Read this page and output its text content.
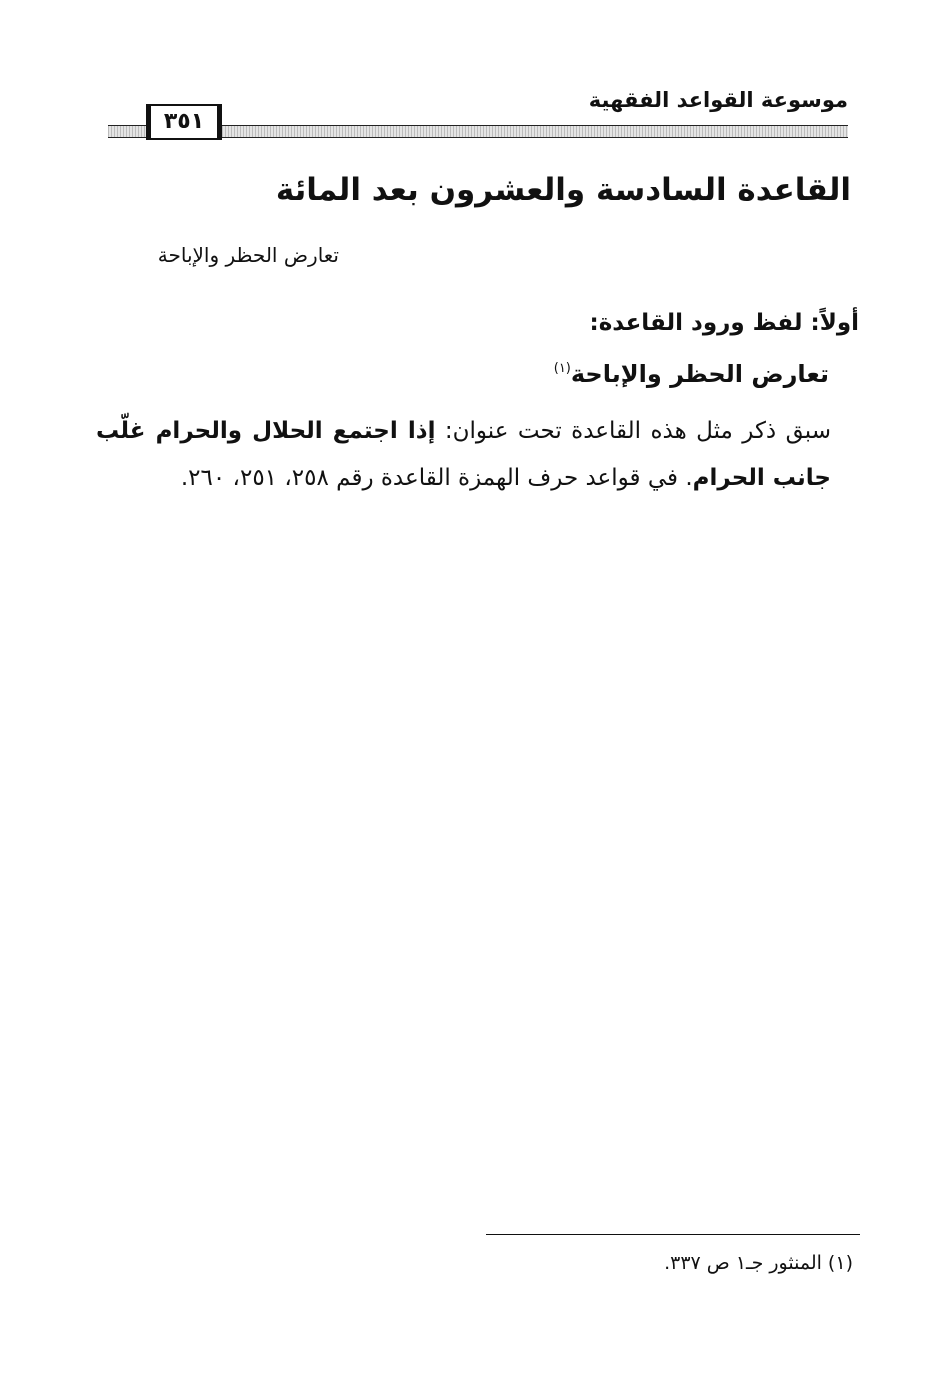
موسوعة القواعد الفقهية
٣٥١
القاعدة السادسة والعشرون بعد المائة
تعارض الحظر والإباحة
أولاً: لفظ ورود القاعدة:
تعارض الحظر والإباحة$^{(١)}$
سبق ذكر مثل هذه القاعدة تحت عنوان: إذا اجتمع الحلال والحرام غلّب جانب الحرام. في قواعد حرف الهمزة القاعدة رقم ٢٥٨، ٢٥١، ٢٦٠.
(١) المنثور جـ١ ص ٣٣٧.
